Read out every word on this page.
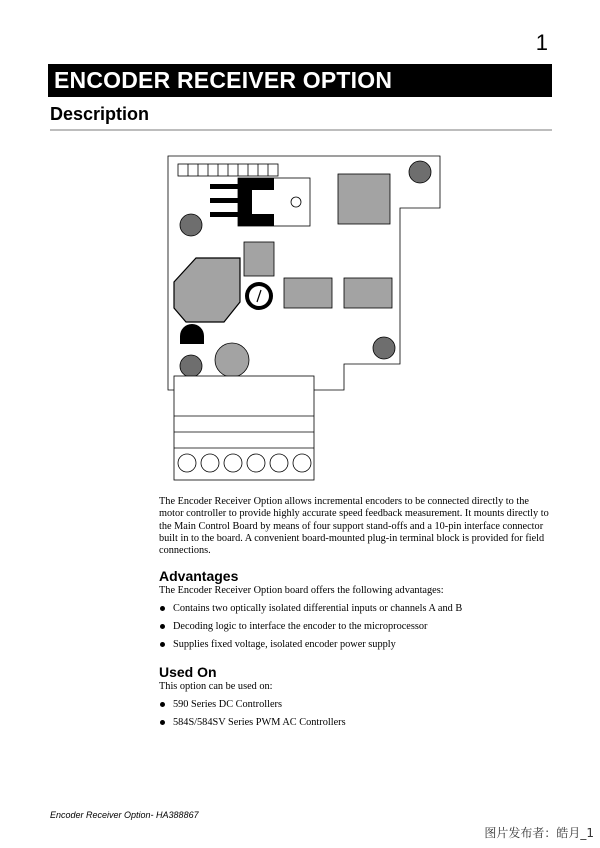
1
ENCODER RECEIVER OPTION
Description

The Encoder Receiver Option allows incremental encoders to be connected directly to the motor controller to provide highly accurate speed feedback measurement. It mounts directly to the Main Control Board by means of four support stand-offs and a 10-pin interface connector built in to the board. A convenient board-mounted plug-in terminal block is provided for field connections.

Advantages
The Encoder Receiver Option board offers the following advantages:
Contains two optically isolated differential inputs or channels A and B
Decoding logic to interface the encoder to the microprocessor
Supplies fixed voltage, isolated encoder power supply
Used On
This option can be used on:
590 Series DC Controllers
584S/584SV Series PWM AC Controllers
Encoder Receiver Option- HA388867
图片发布者：皓月_1
